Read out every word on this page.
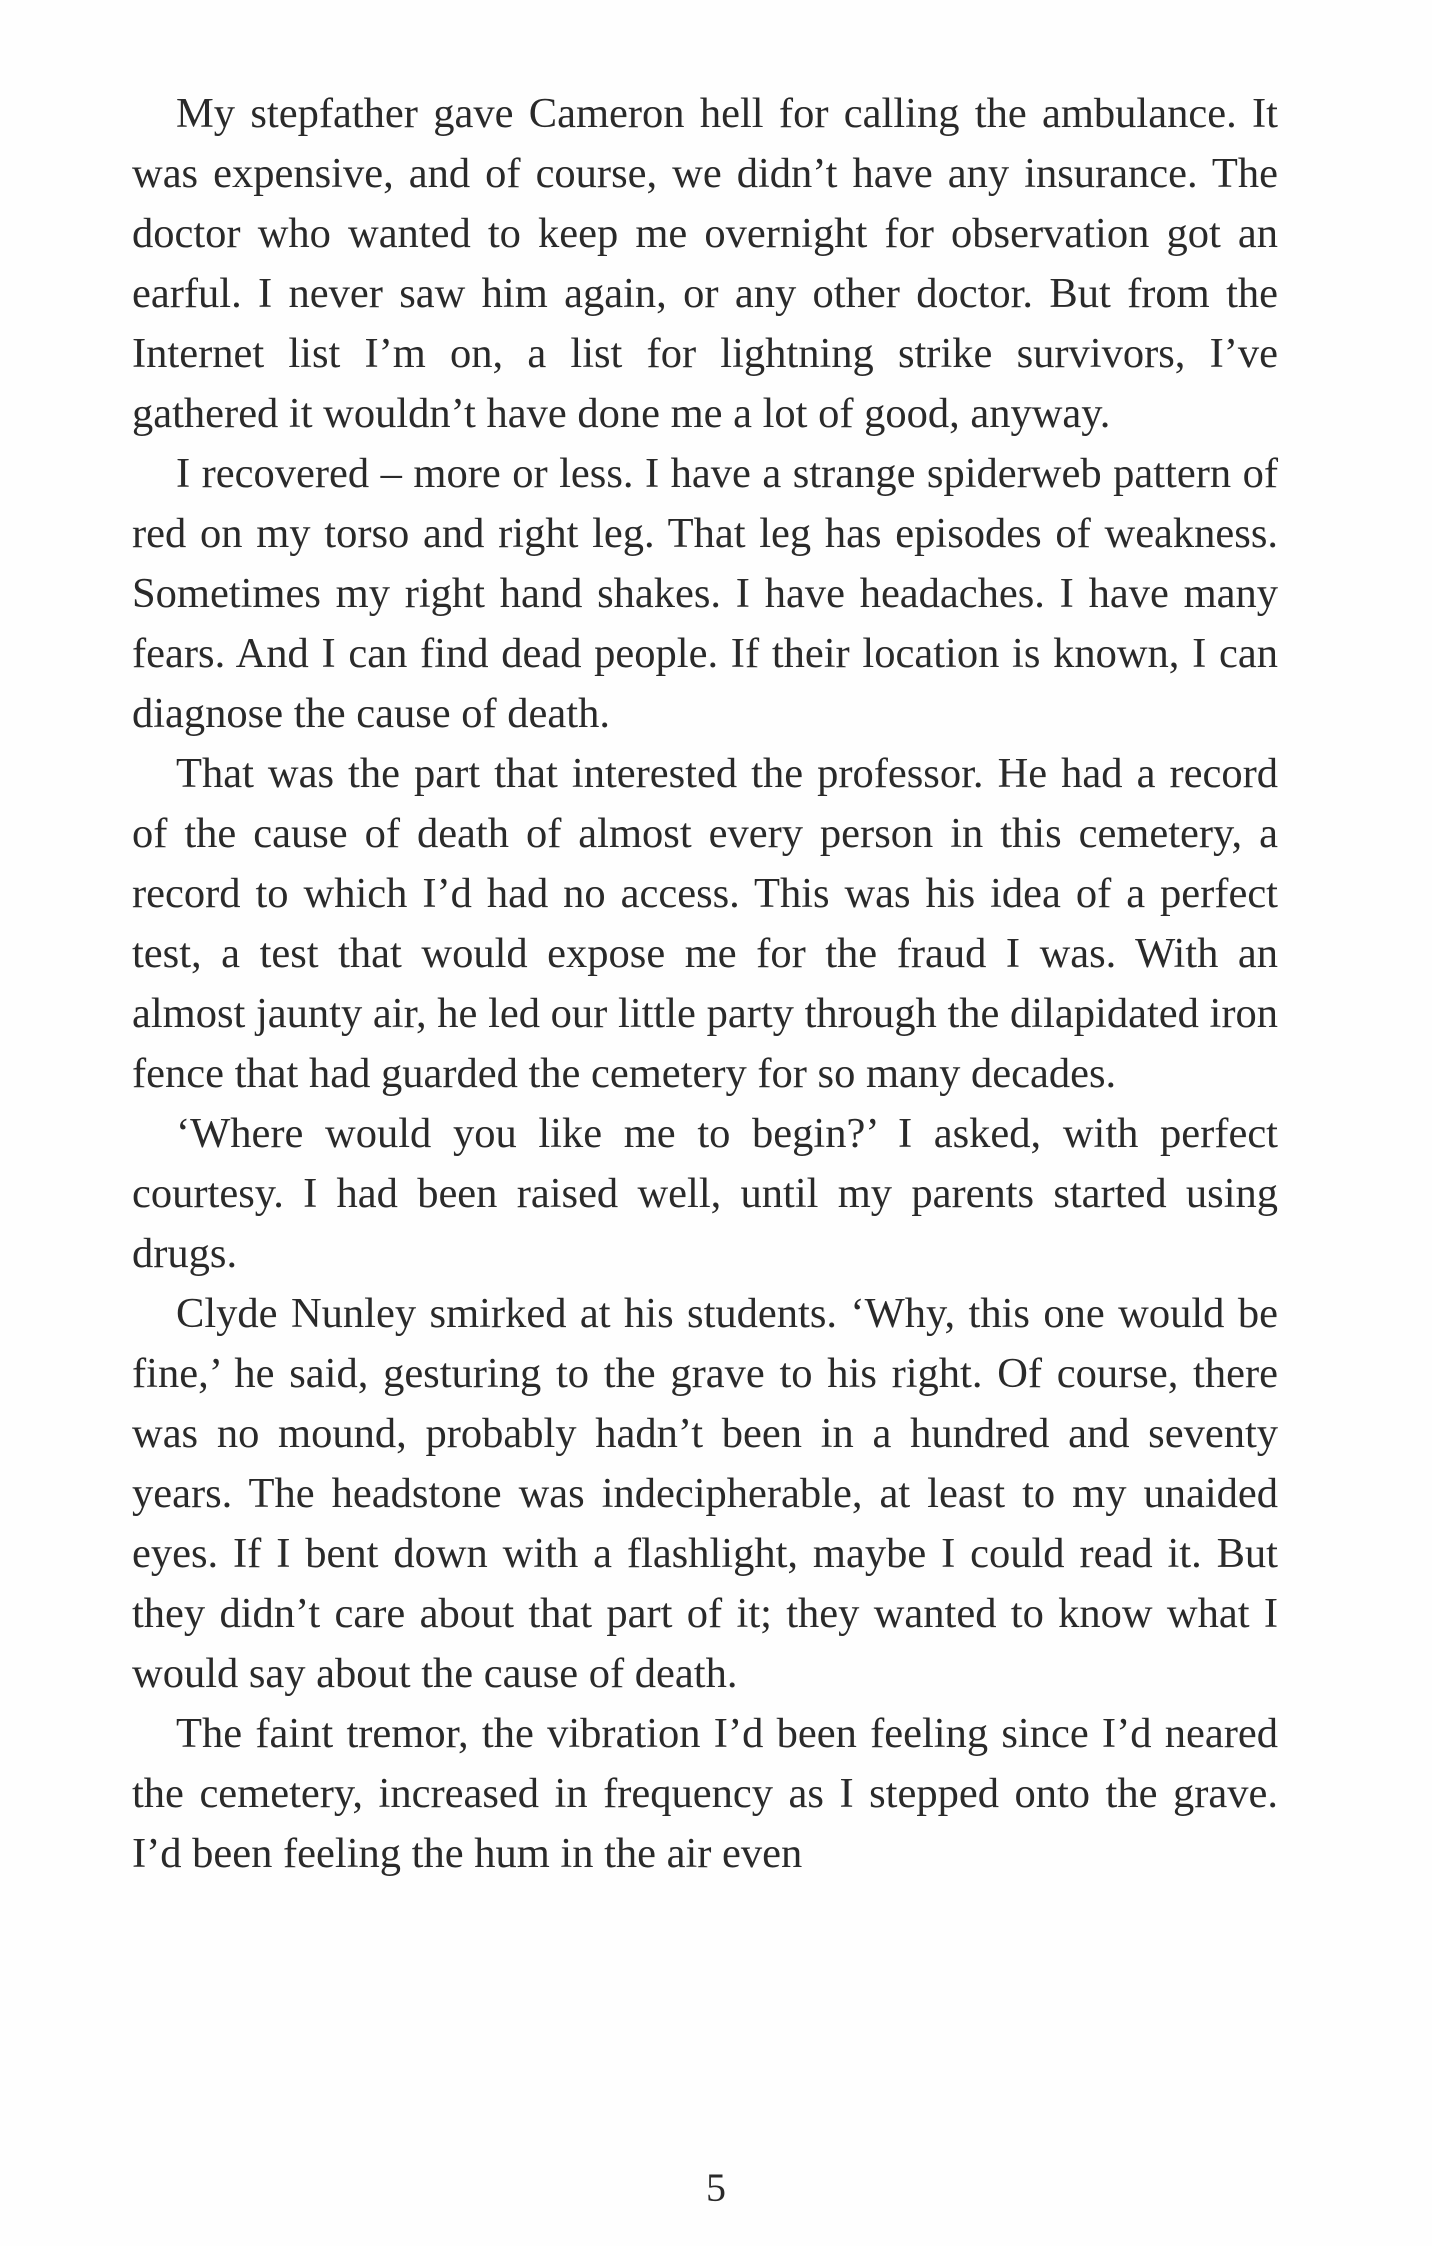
My stepfather gave Cameron hell for calling the ambulance. It was expensive, and of course, we didn’t have any insurance. The doctor who wanted to keep me overnight for observation got an earful. I never saw him again, or any other doctor. But from the Internet list I’m on, a list for lightning strike survivors, I’ve gathered it wouldn’t have done me a lot of good, anyway.

I recovered – more or less. I have a strange spiderweb pattern of red on my torso and right leg. That leg has episodes of weakness. Sometimes my right hand shakes. I have headaches. I have many fears. And I can find dead people. If their location is known, I can diagnose the cause of death.

That was the part that interested the professor. He had a record of the cause of death of almost every person in this cemetery, a record to which I’d had no access. This was his idea of a perfect test, a test that would expose me for the fraud I was. With an almost jaunty air, he led our little party through the dilapidated iron fence that had guarded the cemetery for so many decades.

‘Where would you like me to begin?’ I asked, with perfect courtesy. I had been raised well, until my parents started using drugs.

Clyde Nunley smirked at his students. ‘Why, this one would be fine,’ he said, gesturing to the grave to his right. Of course, there was no mound, probably hadn’t been in a hundred and seventy years. The headstone was indecipherable, at least to my unaided eyes. If I bent down with a flashlight, maybe I could read it. But they didn’t care about that part of it; they wanted to know what I would say about the cause of death.

The faint tremor, the vibration I’d been feeling since I’d neared the cemetery, increased in frequency as I stepped onto the grave. I’d been feeling the hum in the air even

5
